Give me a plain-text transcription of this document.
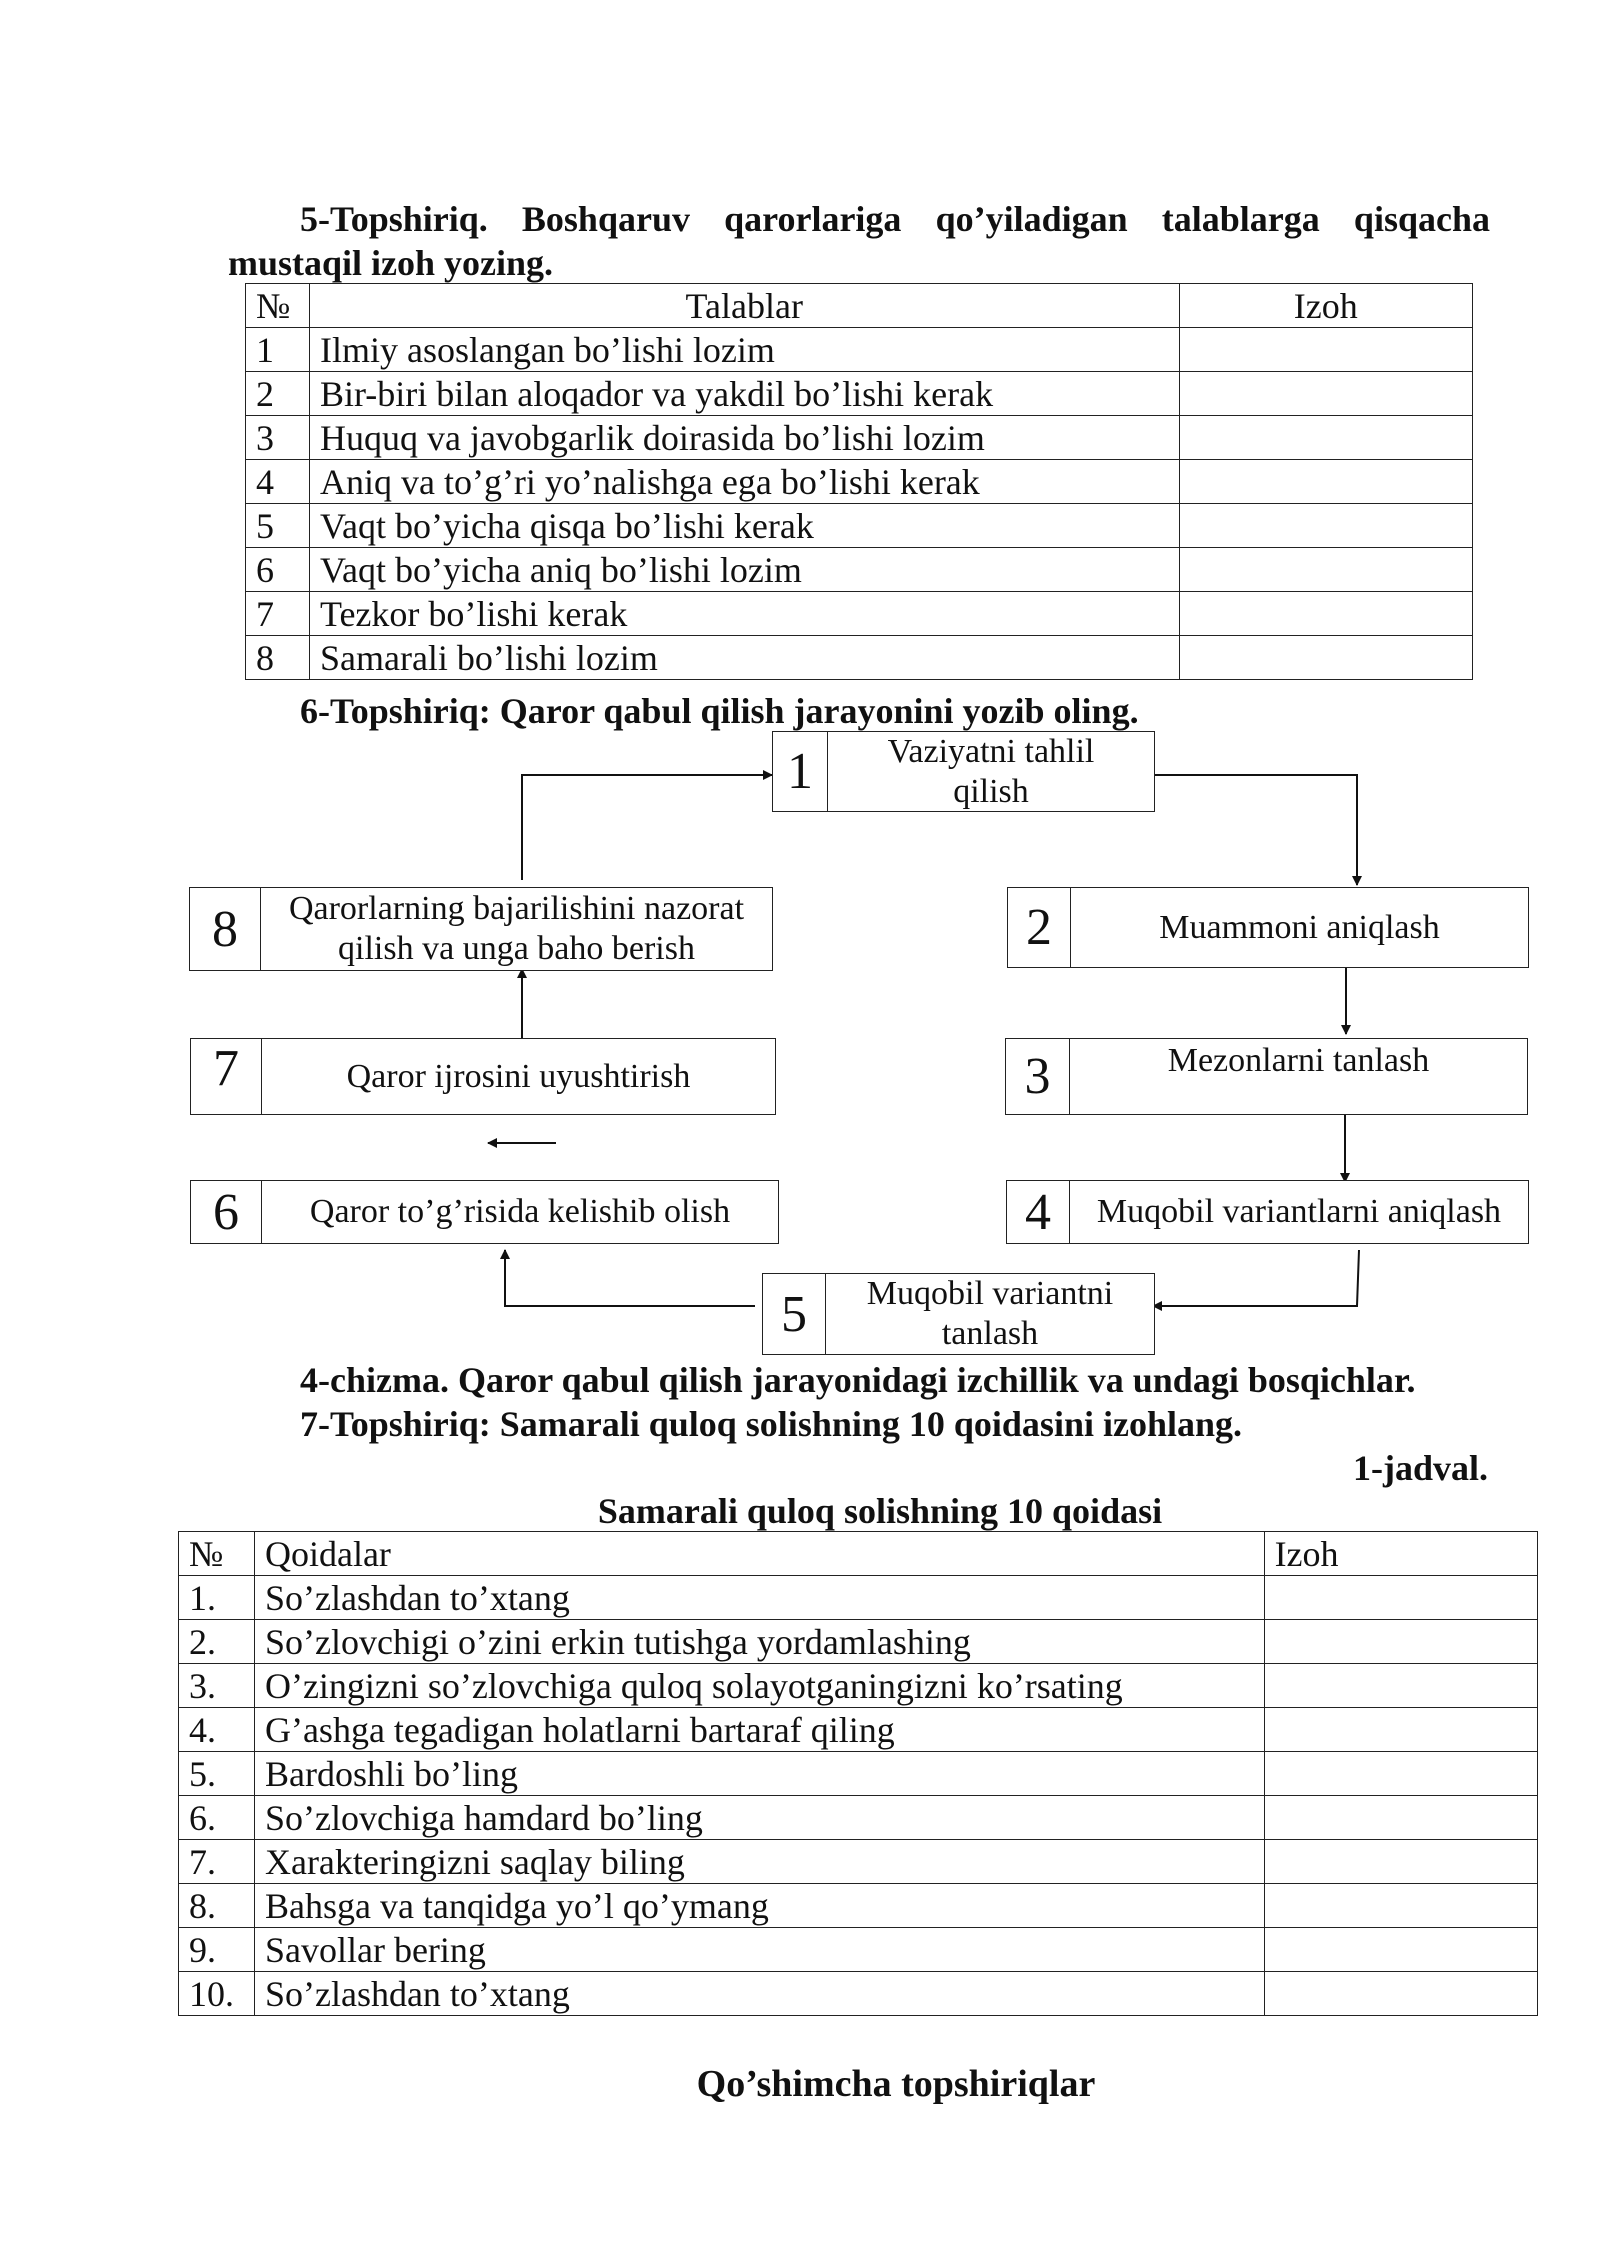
5-Topshiriq. Boshqaruv qarorlariga qo’yiladigan talablarga qisqacha
mustaqil izoh yozing.
№	Talablar	Izoh
1	Ilmiy asoslangan bo’lishi lozim	
2	Bir-biri bilan aloqador va yakdil bo’lishi kerak	
3	Huquq va javobgarlik doirasida bo’lishi lozim	
4	Aniq va to’g’ri yo’nalishga ega bo’lishi kerak	
5	Vaqt bo’yicha qisqa bo’lishi kerak	
6	Vaqt bo’yicha aniq bo’lishi lozim	
7	Tezkor bo’lishi kerak	
8	Samarali bo’lishi lozim	
6-Topshiriq: Qaror qabul qilish jarayonini yozib oling.
1	Vaziyatni tahlil qilish
2	Muammoni aniqlash
3	Mezonlarni tanlash
4	Muqobil variantlarni aniqlash
5	Muqobil variantni tanlash
6	Qaror to’g’risida kelishib olish
7	Qaror ijrosini uyushtirish
8	Qarorlarning bajarilishini nazorat qilish va unga baho berish
4-chizma. Qaror qabul qilish jarayonidagi izchillik va undagi bosqichlar.
7-Topshiriq: Samarali quloq solishning 10 qoidasini izohlang.
1-jadval.
Samarali quloq solishning 10 qoidasi
№	Qoidalar	Izoh
1.	So’zlashdan to’xtang	
2.	So’zlovchigi o’zini erkin tutishga yordamlashing	
3.	O’zingizni so’zlovchiga quloq solayotganingizni ko’rsating	
4.	G’ashga tegadigan holatlarni bartaraf qiling	
5.	Bardoshli bo’ling	
6.	So’zlovchiga hamdard bo’ling	
7.	Xarakteringizni saqlay biling	
8.	Bahsga va tanqidga yo’l qo’ymang	
9.	Savollar bering	
10.	So’zlashdan to’xtang	
Qo’shimcha topshiriqlar
